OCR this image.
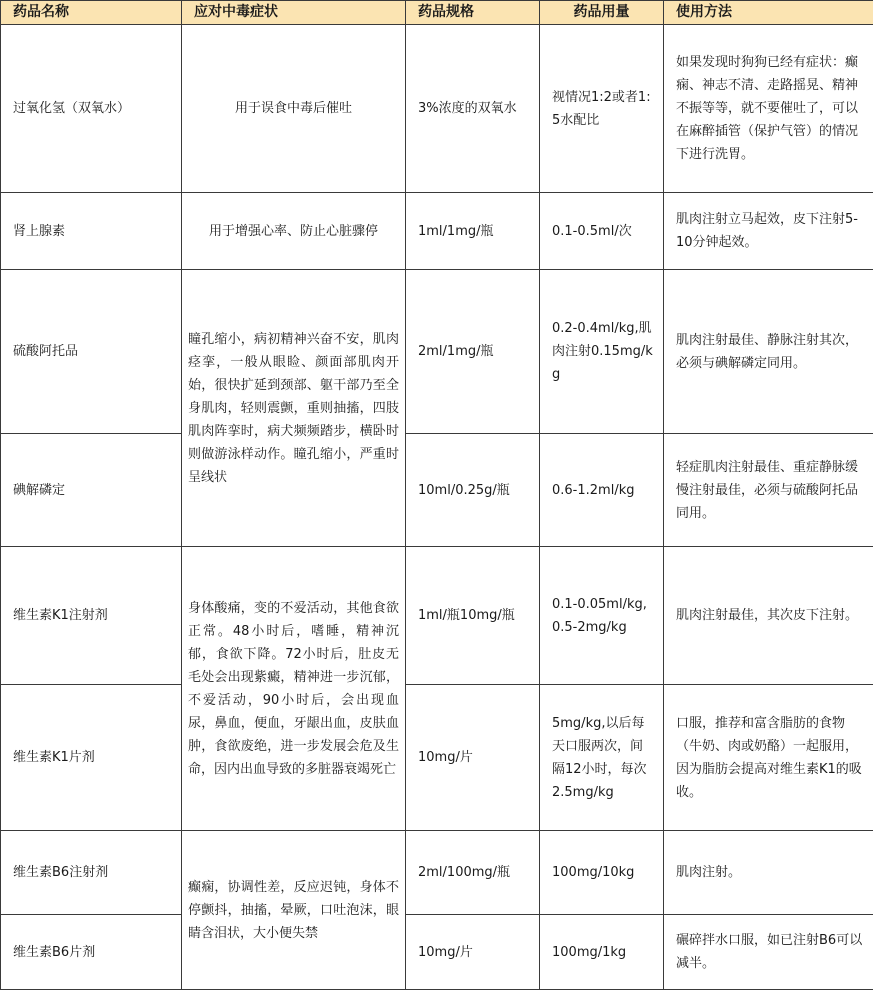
药品名称	应对中毒症状	药品规格	药品用量	使用方法
过氧化氢（双氧水）	用于误食中毒后催吐	3%浓度的双氧水	视情况1:2或者1:5水配比	如果发现时狗狗已经有症状：癫痫、神志不清、走路摇晃、精神不振等等，就不要催吐了，可以在麻醉插管（保护气管）的情况下进行洗胃。
肾上腺素	用于增强心率、防止心脏骤停	1ml/1mg/瓶	0.1-0.5ml/次	肌肉注射立马起效，皮下注射5-10分钟起效。
硫酸阿托品	瞳孔缩小，病初精神兴奋不安，肌肉痉挛，一般从眼睑、颜面部肌肉开始，很快扩延到颈部、躯干部乃至全身肌肉，轻则震颤，重则抽搐，四肢肌肉阵挛时，病犬频频踏步，横卧时则做游泳样动作。瞳孔缩小，严重时呈线状	2ml/1mg/瓶	0.2-0.4ml/kg,肌肉注射0.15mg/kg	肌肉注射最佳、静脉注射其次，必须与碘解磷定同用。
碘解磷定		10ml/0.25g/瓶	0.6-1.2ml/kg	轻症肌肉注射最佳、重症静脉缓慢注射最佳，必须与硫酸阿托品同用。
维生素K1注射剂	身体酸痛，变的不爱活动，其他食欲正常。48小时后，嗜睡，精神沉郁，食欲下降。72小时后，肚皮无毛处会出现紫癜，精神进一步沉郁，不爱活动，90小时后，会出现血尿，鼻血，便血，牙龈出血，皮肤血肿，食欲废绝，进一步发展会危及生命，因内出血导致的多脏器衰竭死亡	1ml/瓶10mg/瓶	0.1-0.05ml/kg,0.5-2mg/kg	肌肉注射最佳，其次皮下注射。
维生素K1片剂		10mg/片	5mg/kg,以后每天口服两次，间隔12小时，每次2.5mg/kg	口服，推荐和富含脂肪的食物（牛奶、肉或奶酪）一起服用，因为脂肪会提高对维生素K1的吸收。
维生素B6注射剂	癫痫，协调性差，反应迟钝，身体不停颤抖，抽搐，晕厥，口吐泡沫，眼睛含泪状，大小便失禁	2ml/100mg/瓶	100mg/10kg	肌肉注射。
维生素B6片剂		10mg/片	100mg/1kg	碾碎拌水口服，如已注射B6可以减半。
